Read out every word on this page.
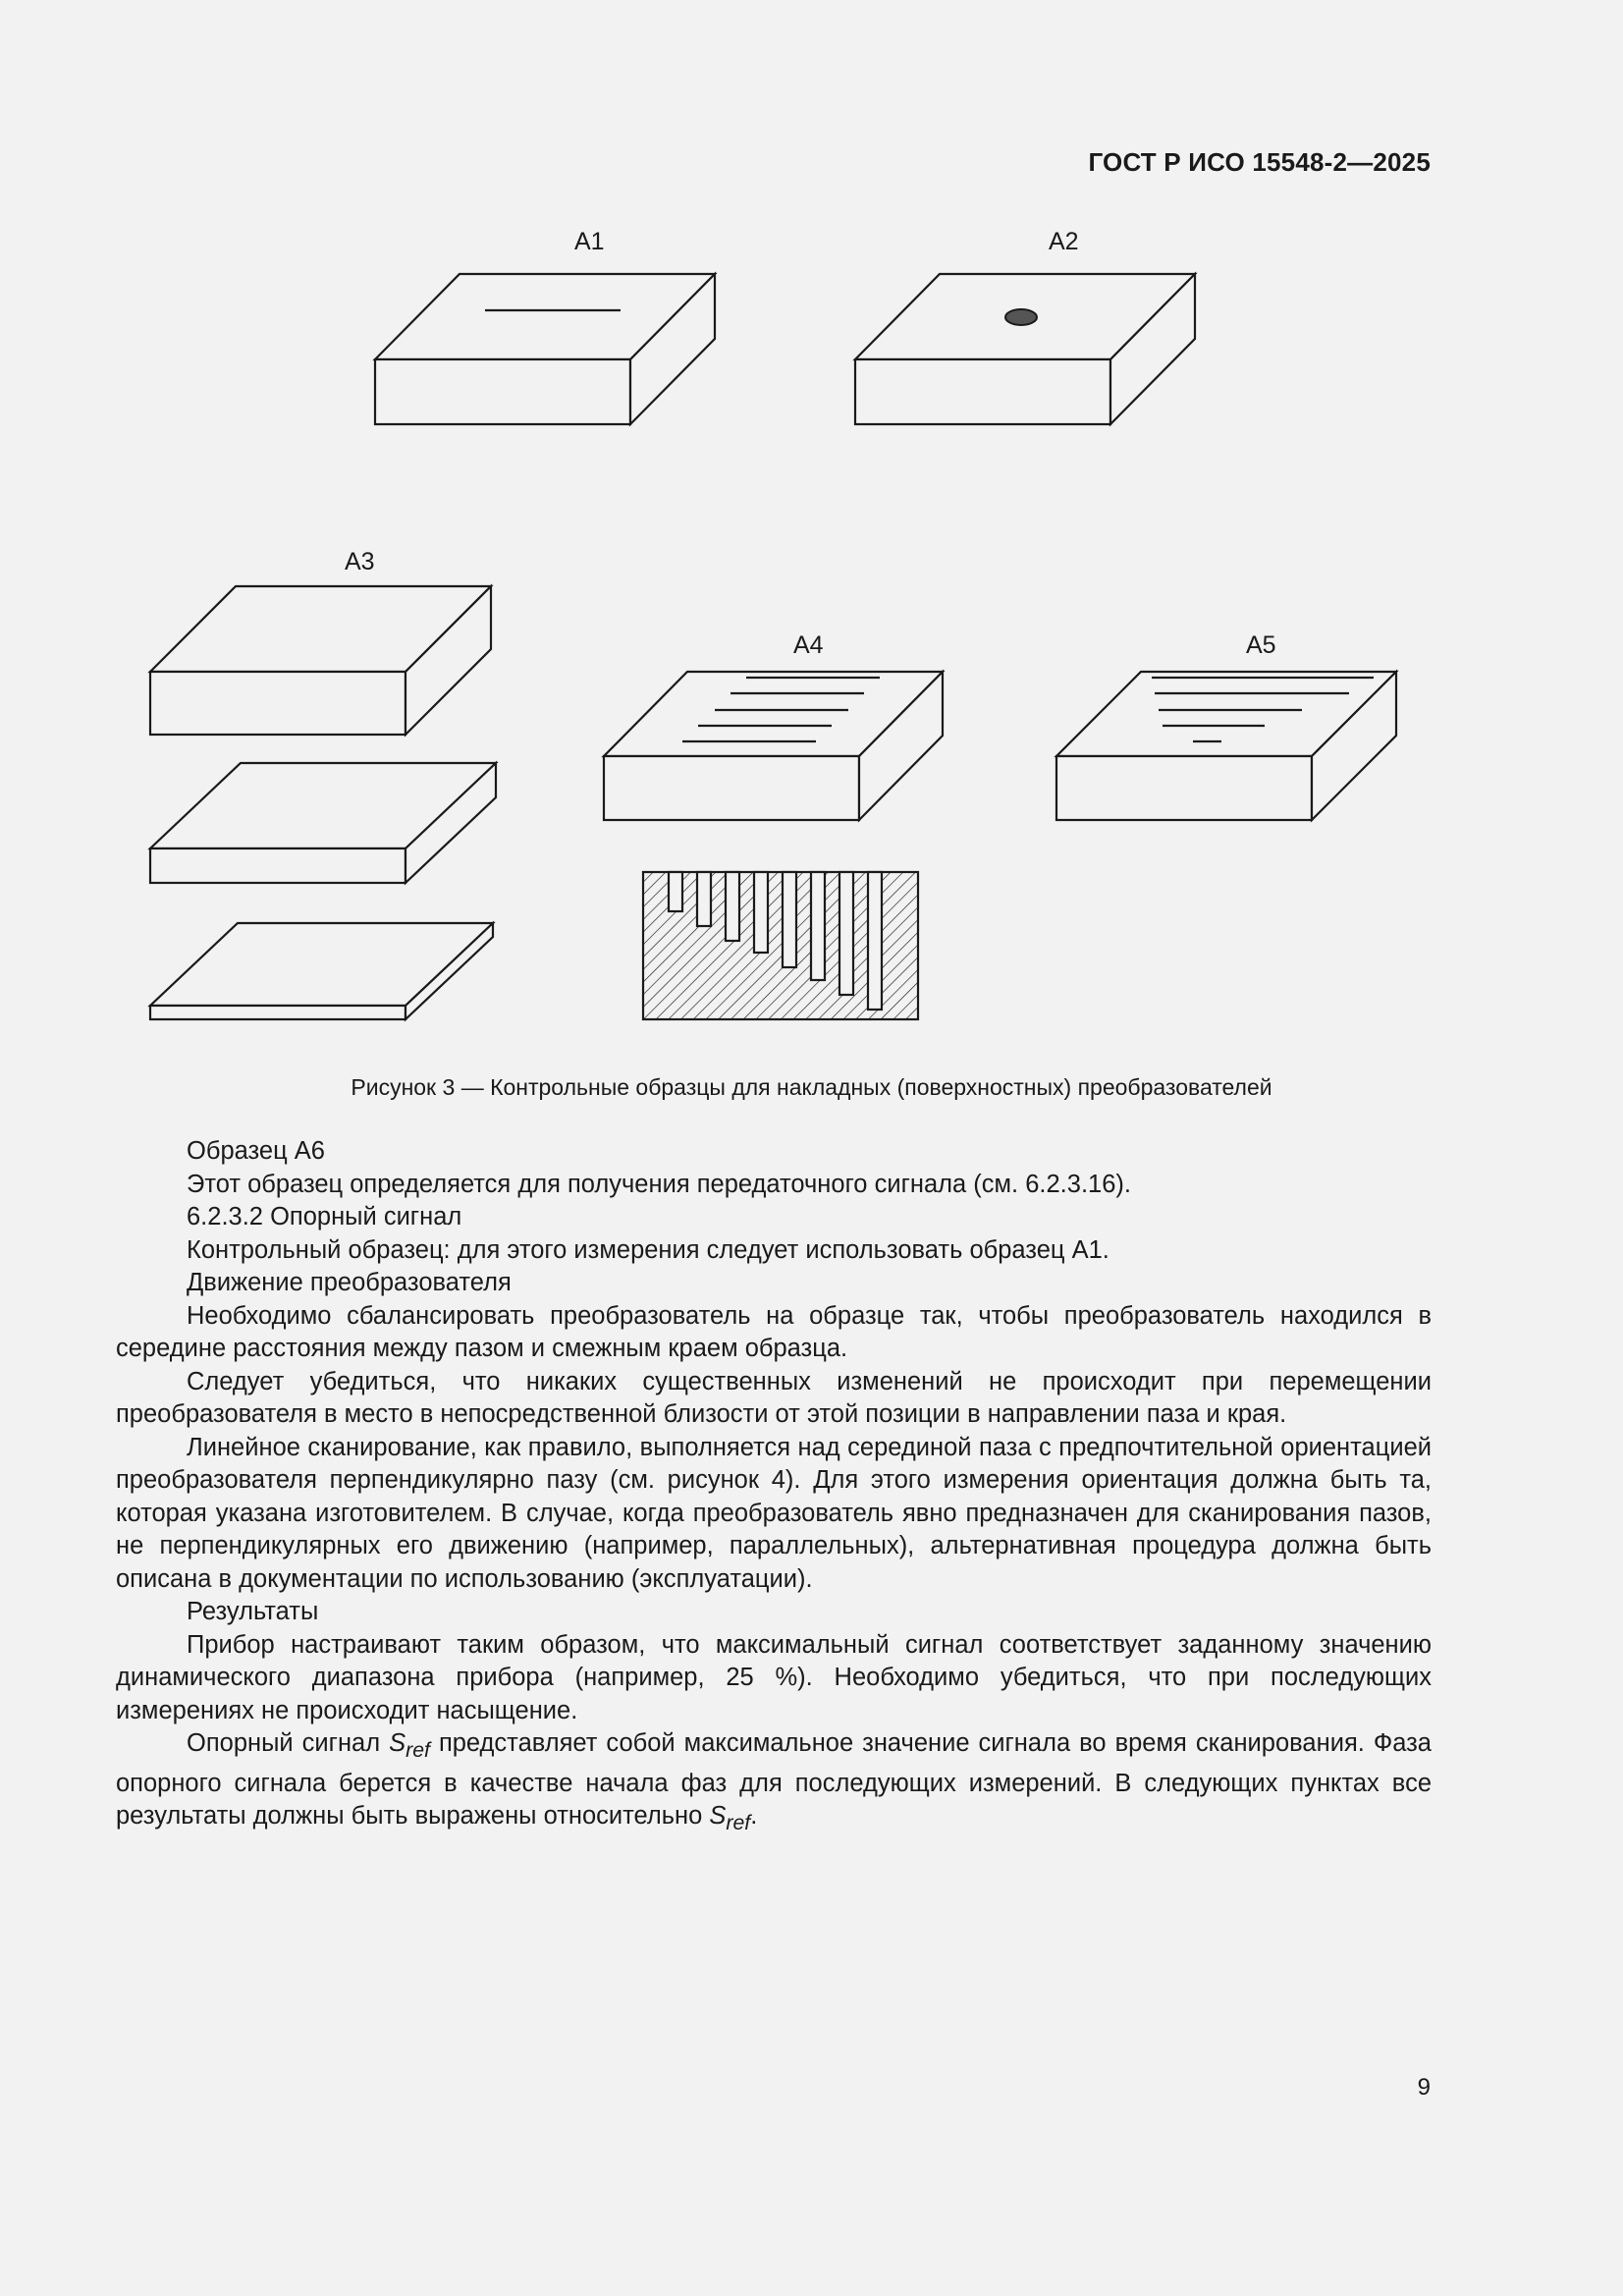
ГОСТ Р ИСО 15548-2—2025
A1	A2
A3
A4	A5
Рисунок 3 — Контрольные образцы для накладных (поверхностных) преобразователей

Образец А6

Этот образец определяется для получения передаточного сигнала (см. 6.2.3.16).

6.2.3.2 Опорный сигнал

Контрольный образец: для этого измерения следует использовать образец А1.

Движение преобразователя

Необходимо сбалансировать преобразователь на образце так, чтобы преобразователь находился в середине расстояния между пазом и смежным краем образца.

Следует убедиться, что никаких существенных изменений не происходит при перемещении преобразователя в место в непосредственной близости от этой позиции в направлении паза и края.

Линейное сканирование, как правило, выполняется над серединой паза с предпочтительной ориентацией преобразователя перпендикулярно пазу (см. рисунок 4). Для этого измерения ориентация должна быть та, которая указана изготовителем. В случае, когда преобразователь явно предназначен для сканирования пазов, не перпендикулярных его движению (например, параллельных), альтернативная процедура должна быть описана в документации по использованию (эксплуатации).

Результаты

Прибор настраивают таким образом, что максимальный сигнал соответствует заданному значению динамического диапазона прибора (например, 25 %). Необходимо убедиться, что при последующих измерениях не происходит насыщение.

Опорный сигнал $S_{ref}$ представляет собой максимальное значение сигнала во время сканирования. Фаза опорного сигнала берется в качестве начала фаз для последующих измерений. В следующих пунктах все результаты должны быть выражены относительно $S_{ref}$.

9
